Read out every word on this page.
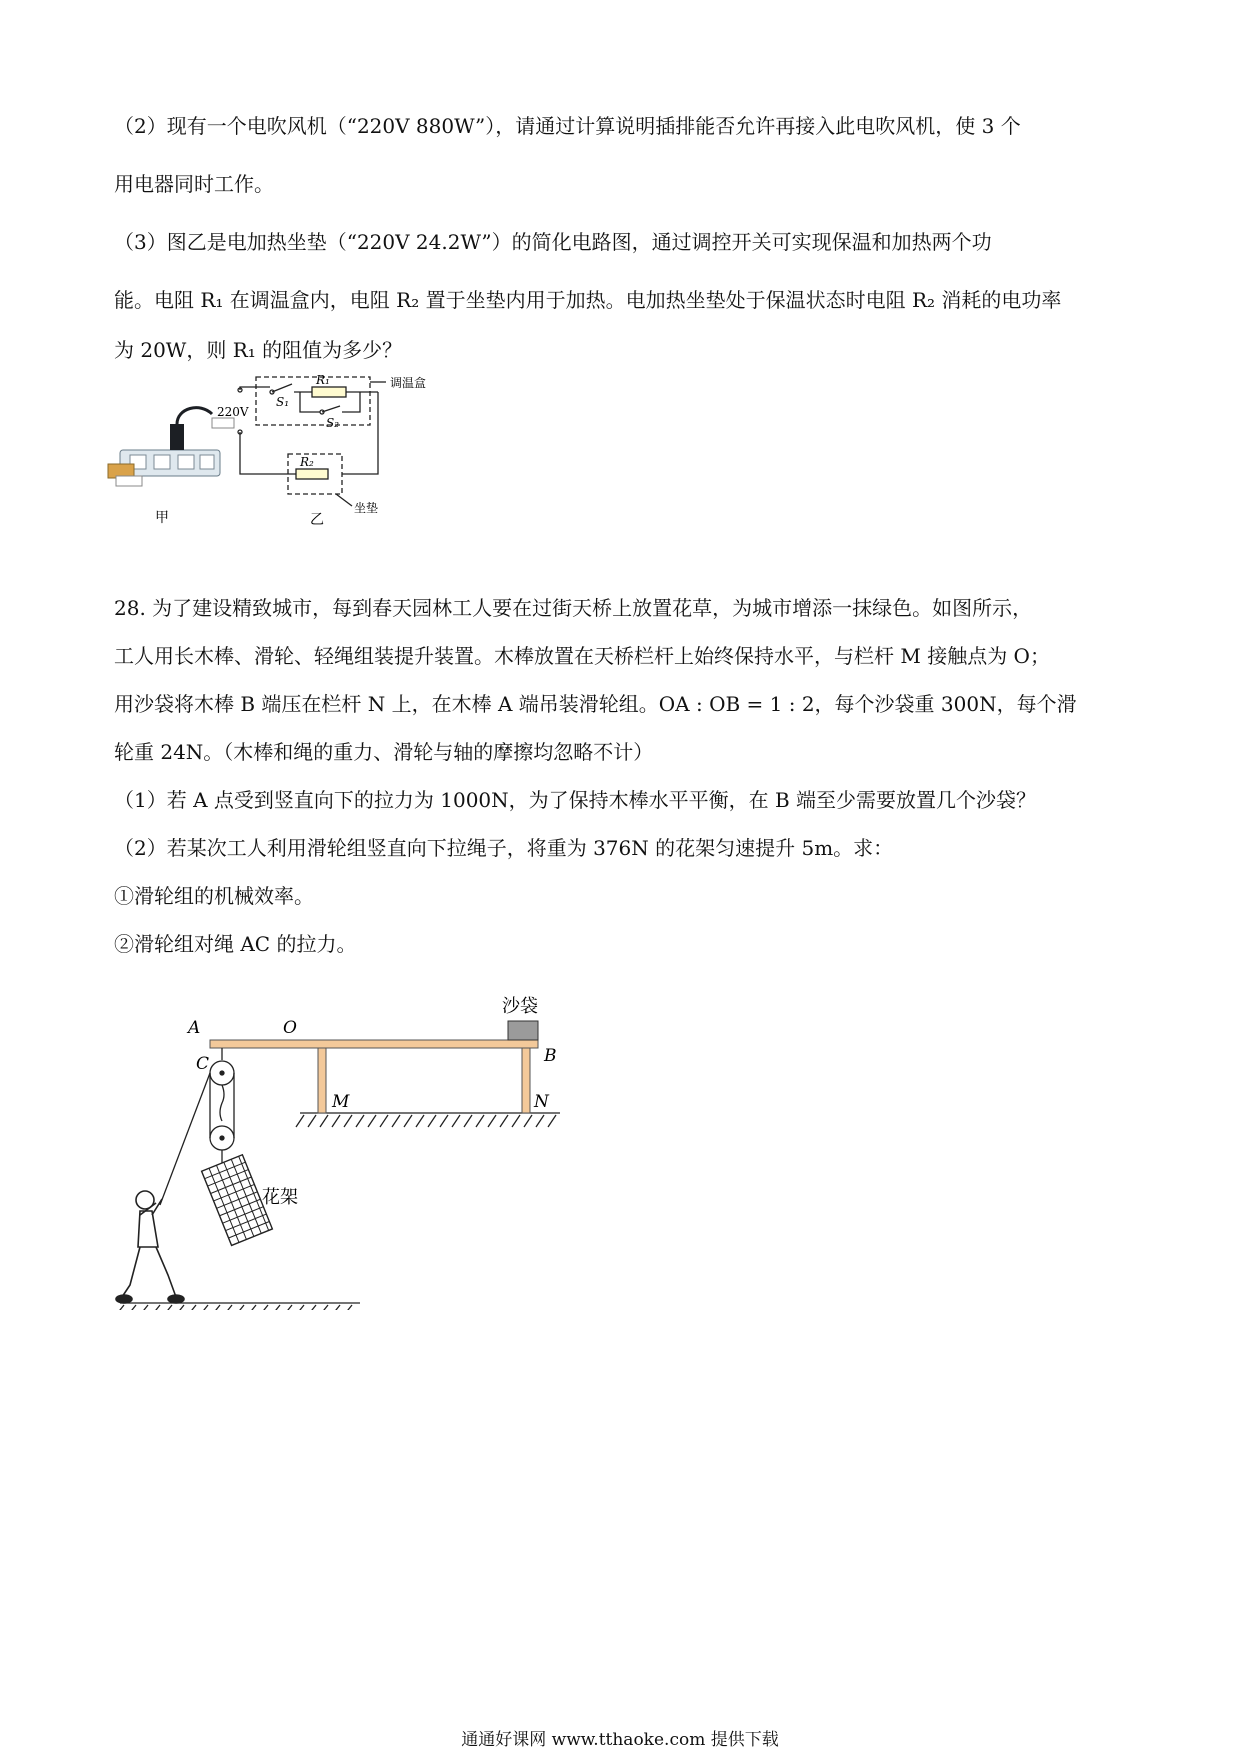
（2）现有一个电吹风机（“220V 880W”），请通过计算说明插排能否允许再接入此电吹风机，使 3 个
用电器同时工作。
（3）图乙是电加热坐垫（“220V 24.2W”）的简化电路图，通过调控开关可实现保温和加热两个功
能。电阻 R₁ 在调温盒内，电阻 R₂ 置于坐垫内用于加热。电加热坐垫处于保温状态时电阻 R₂ 消耗的电功率
为 20W，则 R₁ 的阻值为多少？
甲
R₁
S₁
S₂
R₂
220V
调温盒
坐垫
乙
28. 为了建设精致城市，每到春天园林工人要在过街天桥上放置花草，为城市增添一抹绿色。如图所示，
工人用长木棒、滑轮、轻绳组装提升装置。木棒放置在天桥栏杆上始终保持水平，与栏杆 M 接触点为 O；
用沙袋将木棒 B 端压在栏杆 N 上，在木棒 A 端吊装滑轮组。OA : OB = 1 : 2，每个沙袋重 300N，每个滑
轮重 24N。（木棒和绳的重力、滑轮与轴的摩擦均忽略不计）
（1）若 A 点受到竖直向下的拉力为 1000N，为了保持木棒水平平衡，在 B 端至少需要放置几个沙袋？
（2）若某次工人利用滑轮组竖直向下拉绳子，将重为 376N 的花架匀速提升 5m。求：
①滑轮组的机械效率。
②滑轮组对绳 AC 的拉力。
A	O
B
C
M	N
沙袋
花架
通通好课网 www.tthaoke.com 提供下载
